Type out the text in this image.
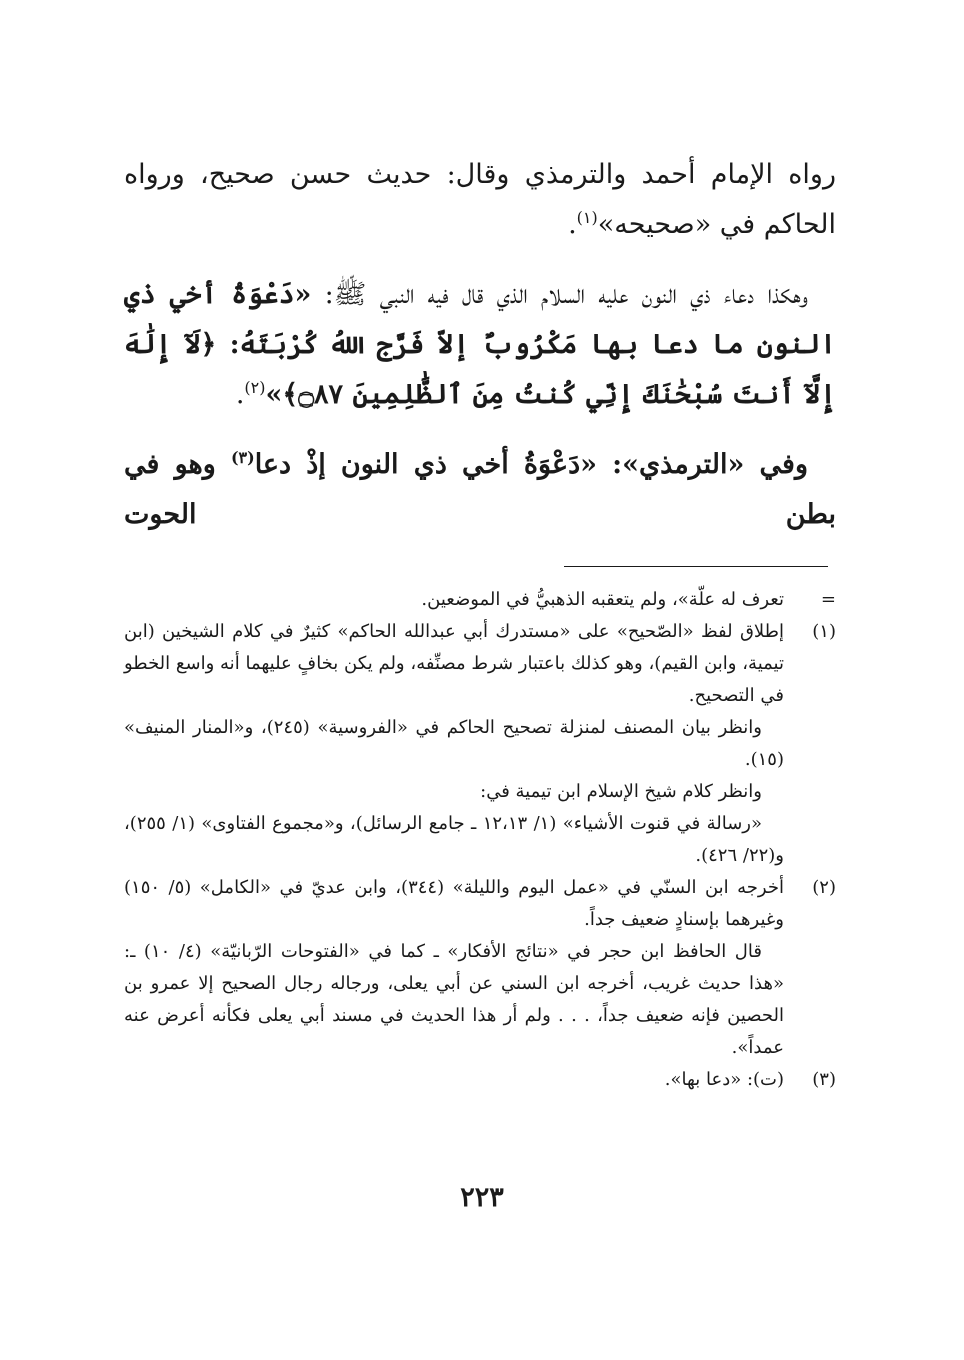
رواه الإمام أحمد والترمذي وقال: حديث حسن صحيح، ورواه الحاكم في «صحيحه»$^{(١)}$.

وهكذا دعاء ذي النون عليه السلام الذي قال فيه النبي ﷺ: «دَعْوَةُ أخي ذي النون ما دعا بها مَكْرُوبٌ إلاّ فَرَّج اللهُ كُرْبَتَهُ: ﴿لَآ إِلَٰهَ إِلَّآ أَنتَ سُبْحَٰنَكَ إِنِّي كُنتُ مِنَ ٱلظَّٰلِمِينَ ۝٨٧﴾»$^{(٢)}$.

وفي «الترمذي»: «دَعْوَةُ أخي ذي النون إذْ دعا$^{(٣)}$ وهو في بطن الحوت

=

تعرف له علّة»، ولم يتعقبه الذهبيُّ في الموضعين.

(١)

إطلاق لفظ «الصّحيح» على «مستدرك أبي عبدالله الحاكم» كثيرٌ في كلام الشيخين (ابن تيمية، وابن القيم)، وهو كذلك باعتبار شرط مصنِّفه، ولم يكن بخافٍ عليهما أنه واسع الخطو في التصحيح.

وانظر بيان المصنف لمنزلة تصحيح الحاكم في «الفروسية» (٢٤٥)، و«المنار المنيف» (١٥).

وانظر كلام شيخ الإسلام ابن تيمية في:

«رسالة في قنوت الأشياء» (١/ ١٢،١٣ ـ جامع الرسائل)، و«مجموع الفتاوى» (١/ ٢٥٥)، و(٢٢/ ٤٢٦).

(٢)

أخرجه ابن السنّي في «عمل اليوم والليلة» (٣٤٤)، وابن عديّ في «الكامل» (٥/ ١٥٠) وغيرهما بإسنادٍ ضعيف جداً.

قال الحافظ ابن حجر في «نتائج الأفكار» ـ كما في «الفتوحات الرّبانيّة» (٤/ ١٠) ـ: «هذا حديث غريب، أخرجه ابن السني عن أبي يعلى، ورجاله رجال الصحيح إلا عمرو بن الحصين فإنه ضعيف جداً، . . . ولم أر هذا الحديث في مسند أبي يعلى فكأنه أعرض عنه عمداً».

(٣)

(ت): «دعا بها».

٢٢٣
